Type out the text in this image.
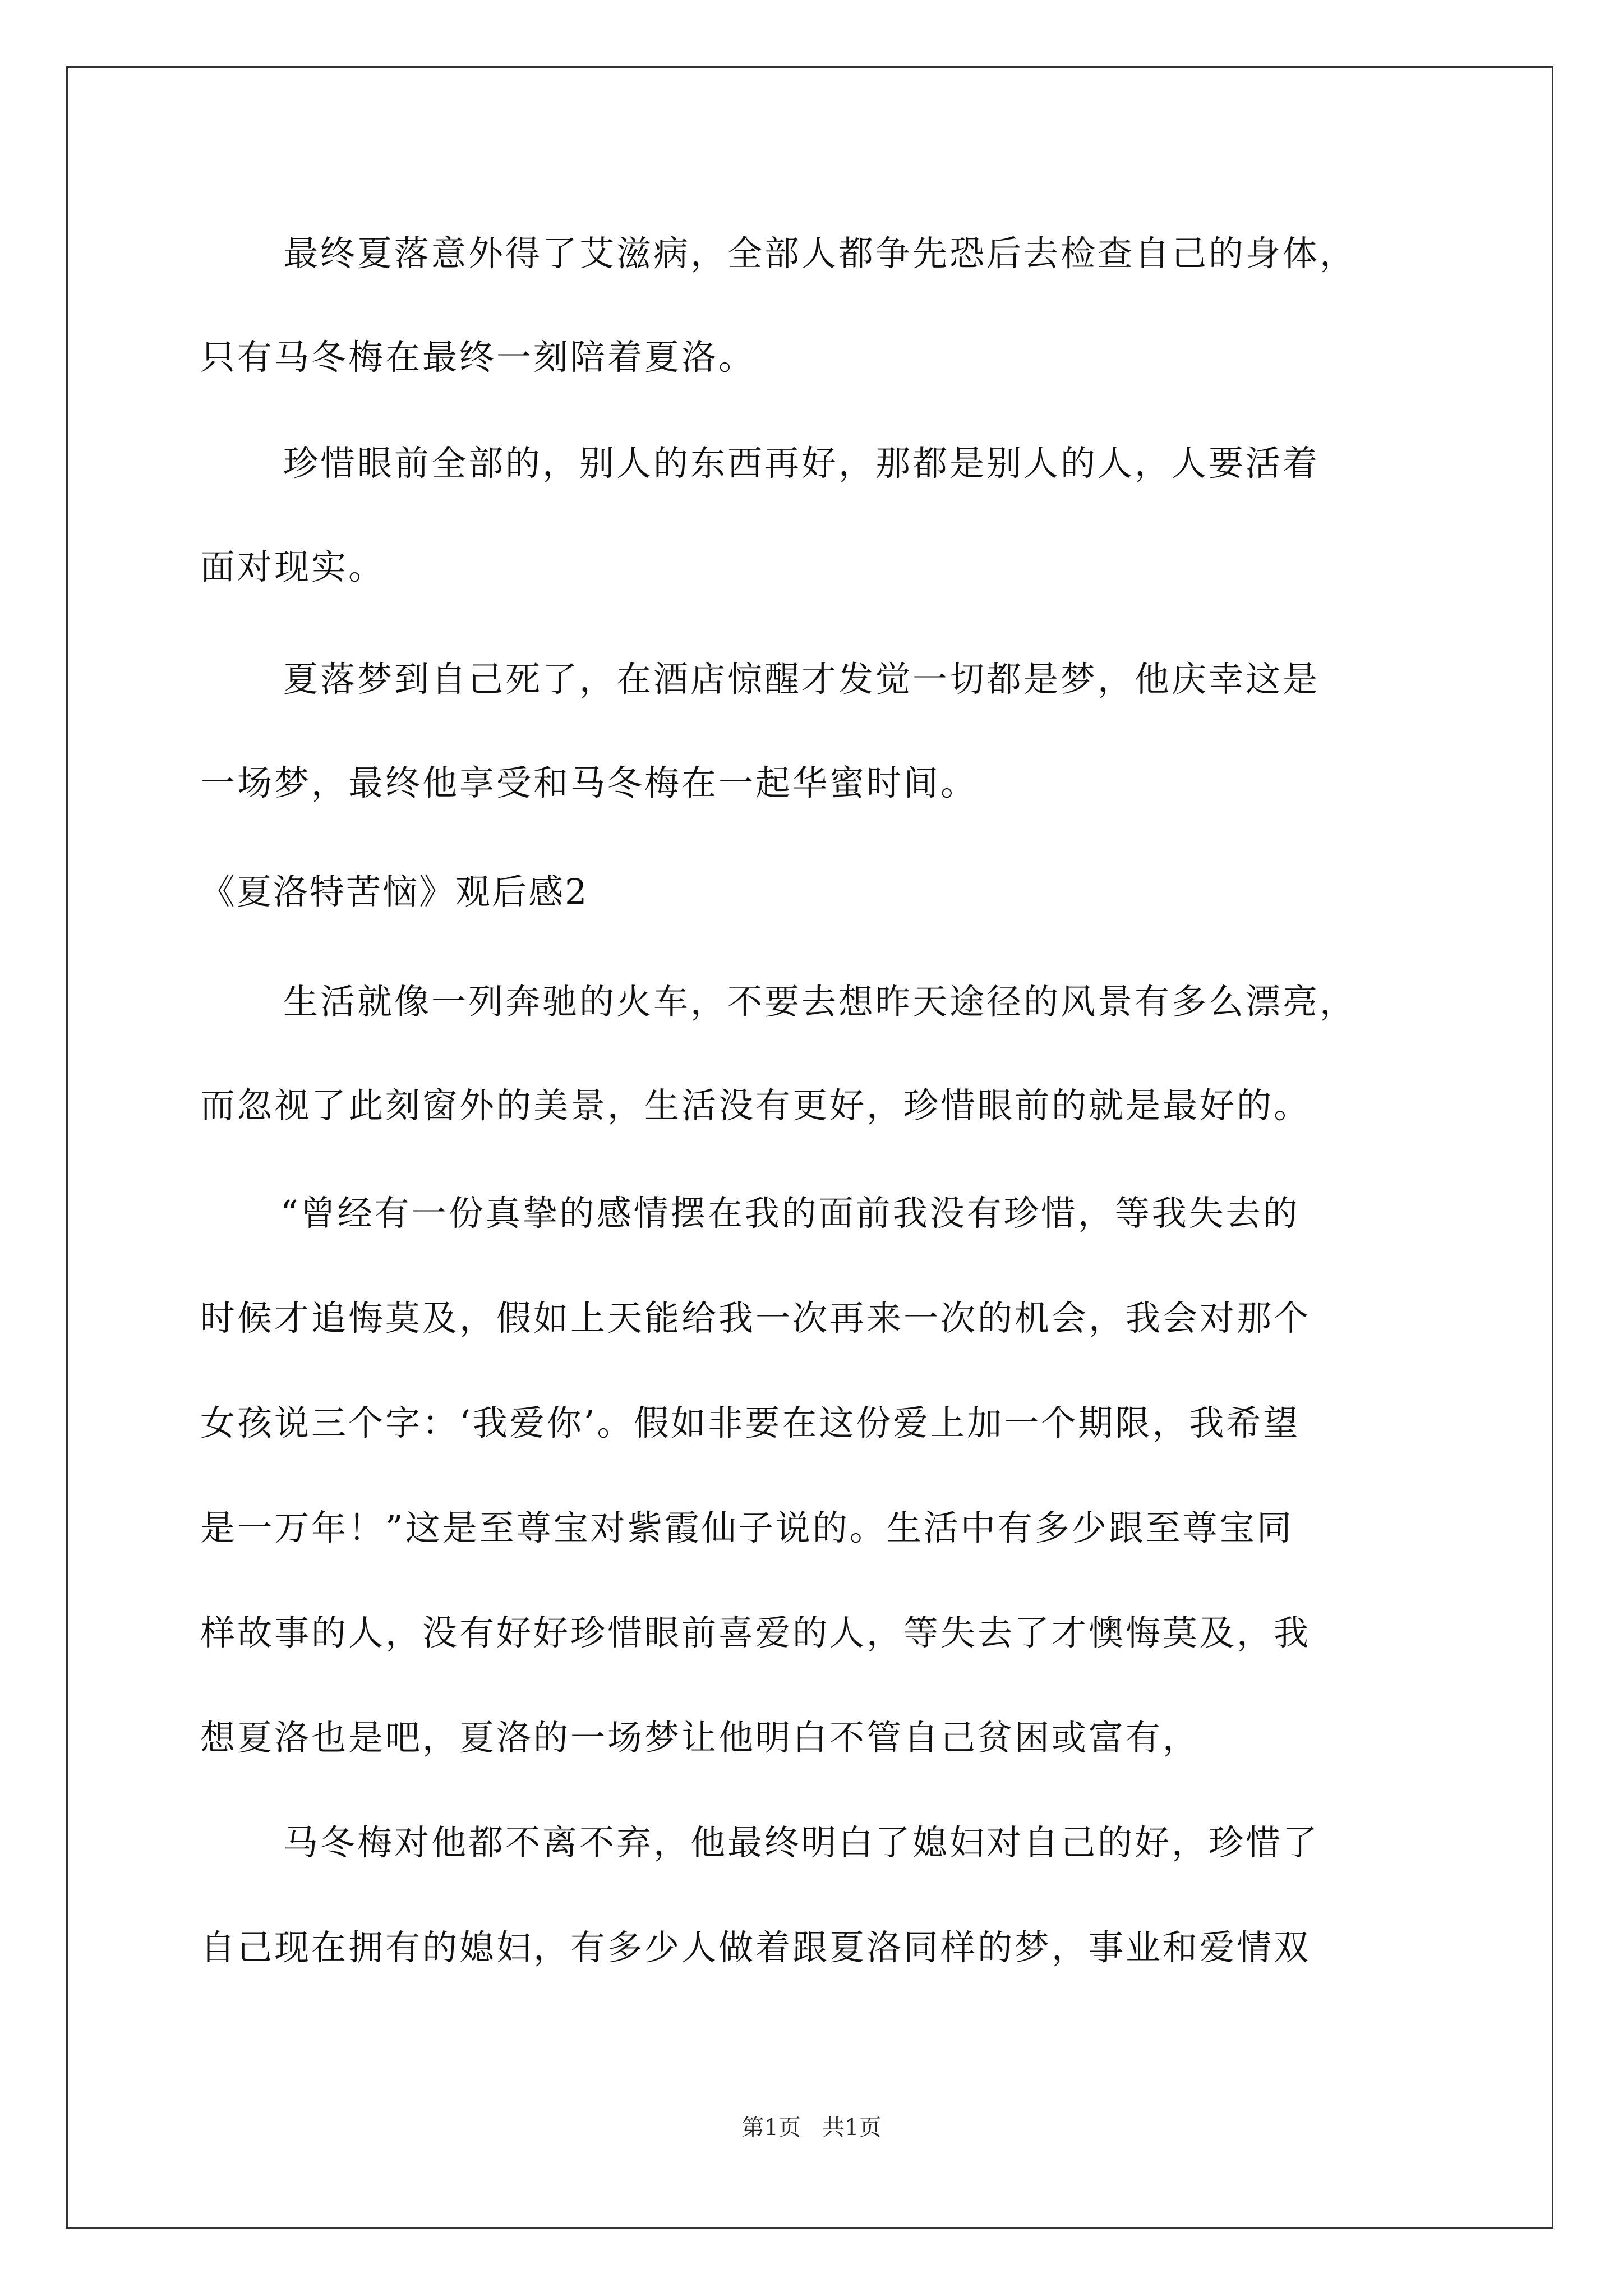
最终夏落意外得了艾滋病，全部人都争先恐后去检查自己的身体，
只有马冬梅在最终一刻陪着夏洛。
珍惜眼前全部的，别人的东西再好，那都是别人的人，人要活着
面对现实。
夏落梦到自己死了，在酒店惊醒才发觉一切都是梦，他庆幸这是
一场梦，最终他享受和马冬梅在一起华蜜时间。
《夏洛特苦恼》观后感2
生活就像一列奔驰的火车，不要去想昨天途径的风景有多么漂亮，
而忽视了此刻窗外的美景，生活没有更好，珍惜眼前的就是最好的。
“曾经有一份真挚的感情摆在我的面前我没有珍惜，等我失去的
时候才追悔莫及，假如上天能给我一次再来一次的机会，我会对那个
女孩说三个字：‘我爱你’。假如非要在这份爱上加一个期限，我希望
是一万年！”这是至尊宝对紫霞仙子说的。生活中有多少跟至尊宝同
样故事的人，没有好好珍惜眼前喜爱的人，等失去了才懊悔莫及，我
想夏洛也是吧，夏洛的一场梦让他明白不管自己贫困或富有，
马冬梅对他都不离不弃，他最终明白了媳妇对自己的好，珍惜了
自己现在拥有的媳妇，有多少人做着跟夏洛同样的梦，事业和爱情双
第1页   共1页
